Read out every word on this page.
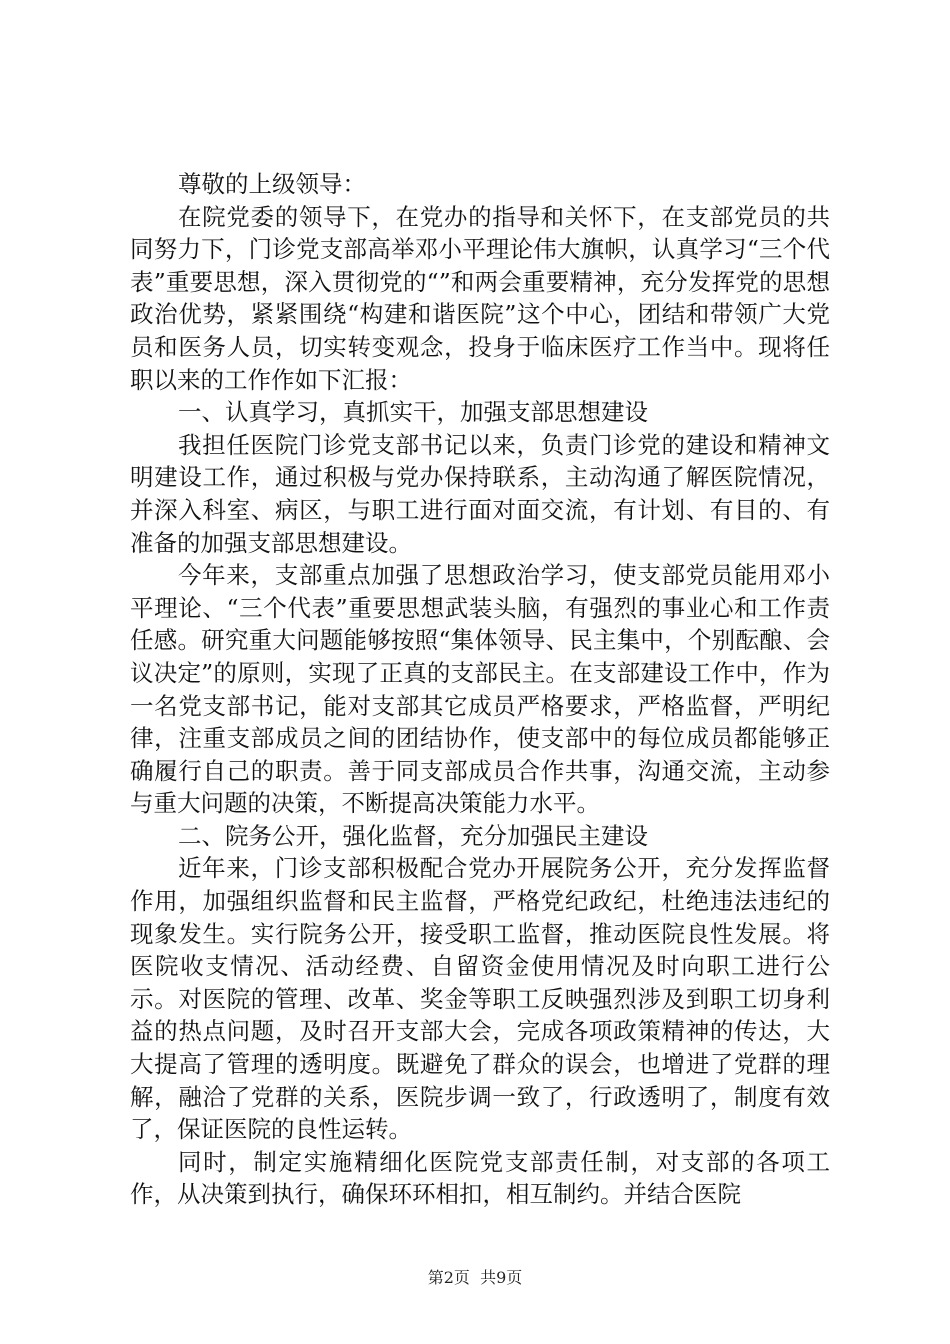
尊敬的上级领导：

在院党委的领导下，在党办的指导和关怀下，在支部党员的共同努力下，门诊党支部高举邓小平理论伟大旗帜，认真学习“三个代表”重要思想，深入贯彻党的“”和两会重要精神，充分发挥党的思想政治优势，紧紧围绕“构建和谐医院”这个中心，团结和带领广大党员和医务人员，切实转变观念，投身于临床医疗工作当中。现将任职以来的工作作如下汇报：

一、认真学习，真抓实干，加强支部思想建设

我担任医院门诊党支部书记以来，负责门诊党的建设和精神文明建设工作，通过积极与党办保持联系，主动沟通了解医院情况，并深入科室、病区，与职工进行面对面交流，有计划、有目的、有准备的加强支部思想建设。

今年来，支部重点加强了思想政治学习，使支部党员能用邓小平理论、“三个代表”重要思想武装头脑，有强烈的事业心和工作责任感。研究重大问题能够按照“集体领导、民主集中，个别酝酿、会议决定”的原则，实现了正真的支部民主。在支部建设工作中，作为一名党支部书记，能对支部其它成员严格要求，严格监督，严明纪律，注重支部成员之间的团结协作，使支部中的每位成员都能够正确履行自己的职责。善于同支部成员合作共事，沟通交流，主动参与重大问题的决策，不断提高决策能力水平。

二、院务公开，强化监督，充分加强民主建设

近年来，门诊支部积极配合党办开展院务公开，充分发挥监督作用，加强组织监督和民主监督，严格党纪政纪，杜绝违法违纪的现象发生。实行院务公开，接受职工监督，推动医院良性发展。将医院收支情况、活动经费、自留资金使用情况及时向职工进行公示。对医院的管理、改革、奖金等职工反映强烈涉及到职工切身利益的热点问题，及时召开支部大会，完成各项政策精神的传达，大大提高了管理的透明度。既避免了群众的误会，也增进了党群的理解，融洽了党群的关系，医院步调一致了，行政透明了，制度有效了，保证医院的良性运转。

同时，制定实施精细化医院党支部责任制，对支部的各项工作，从决策到执行，确保环环相扣，相互制约。并结合医院

第2页  共9页
